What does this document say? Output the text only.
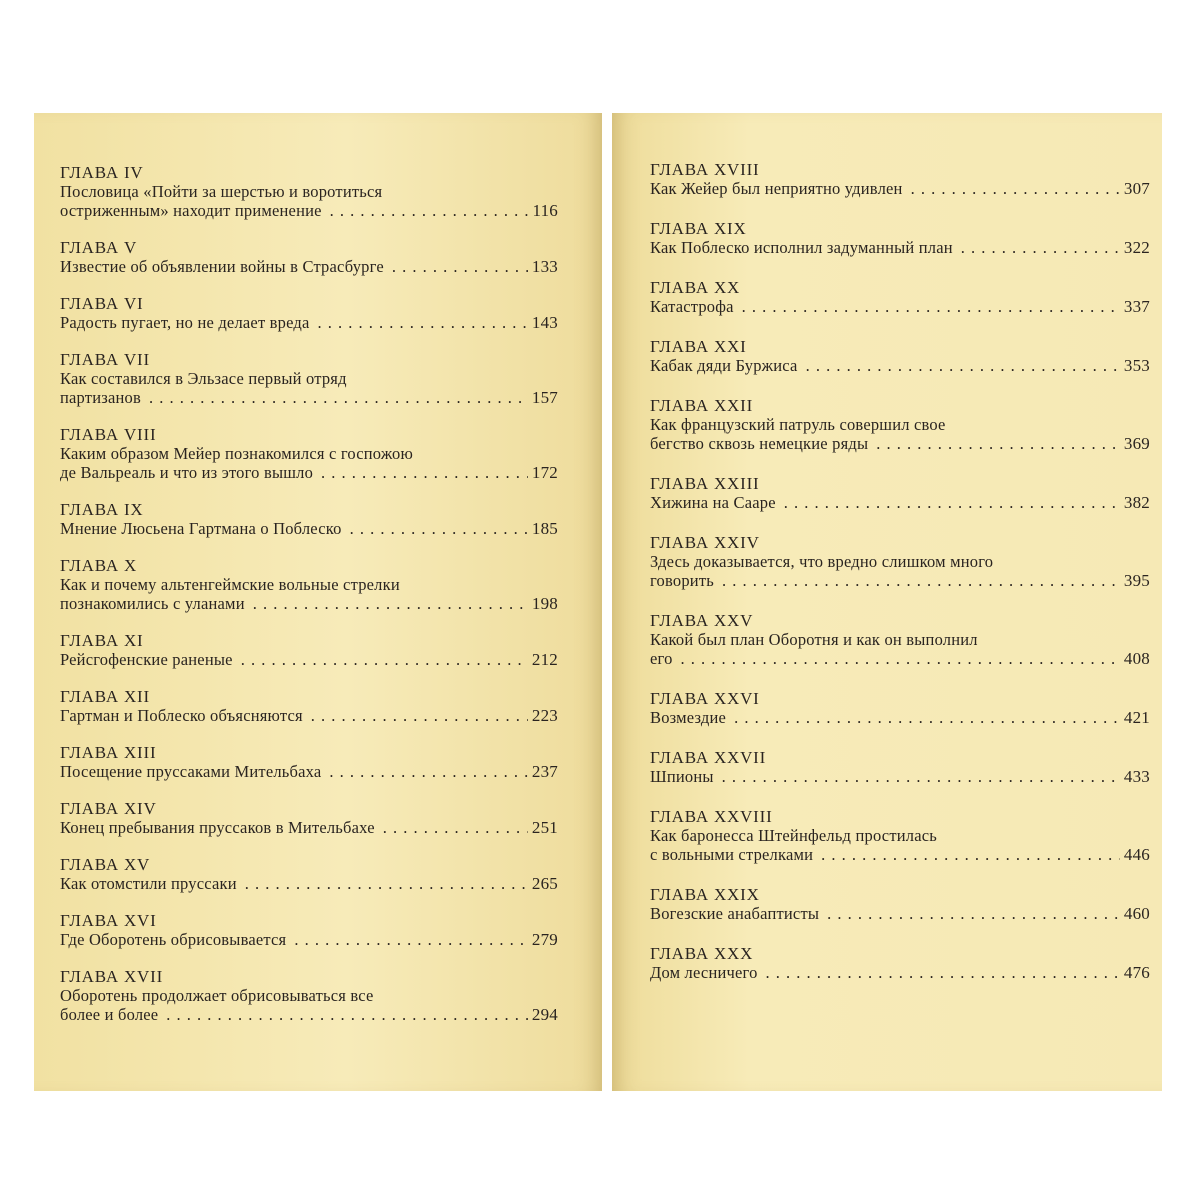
ГЛАВА IV
Пословица «Пойти за шерстью и воротиться
остриженным» находит применение . . .	116
ГЛАВА V
Известие об объявлении войны в Страсбурге . . .	133
ГЛАВА VI
Радость пугает, но не делает вреда . . .	143
ГЛАВА VII
Как составился в Эльзасе первый отряд
партизанов . . .	157
ГЛАВА VIII
Каким образом Мейер познакомился с госпожою
де Вальреаль и что из этого вышло . . .	172
ГЛАВА IX
Мнение Люсьена Гартмана о Поблеско . . .	185
ГЛАВА X
Как и почему альтенгеймские вольные стрелки
познакомились с уланами . . .	198
ГЛАВА XI
Рейсгофенские раненые . . .	212
ГЛАВА XII
Гартман и Поблеско объясняются . . .	223
ГЛАВА XIII
Посещение пруссаками Мительбаха . . .	237
ГЛАВА XIV
Конец пребывания пруссаков в Мительбахе . . .	251
ГЛАВА XV
Как отомстили пруссаки . . .	265
ГЛАВА XVI
Где Оборотень обрисовывается . . .	279
ГЛАВА XVII
Оборотень продолжает обрисовываться все
более и более . . .	294
ГЛАВА XVIII
Как Жейер был неприятно удивлен . . .	307
ГЛАВА XIX
Как Поблеско исполнил задуманный план . . .	322
ГЛАВА XX
Катастрофа . . .	337
ГЛАВА XXI
Кабак дяди Буржиса . . .	353
ГЛАВА XXII
Как французский патруль совершил свое
бегство сквозь немецкие ряды . . .	369
ГЛАВА XXIII
Хижина на Сааре . . .	382
ГЛАВА XXIV
Здесь доказывается, что вредно слишком много
говорить . . .	395
ГЛАВА XXV
Какой был план Оборотня и как он выполнил
его . . .	408
ГЛАВА XXVI
Возмездие . . .	421
ГЛАВА XXVII
Шпионы . . .	433
ГЛАВА XXVIII
Как баронесса Штейнфельд простилась
с вольными стрелками . . .	446
ГЛАВА XXIX
Вогезские анабаптисты . . .	460
ГЛАВА XXX
Дом лесничего . . .	476
